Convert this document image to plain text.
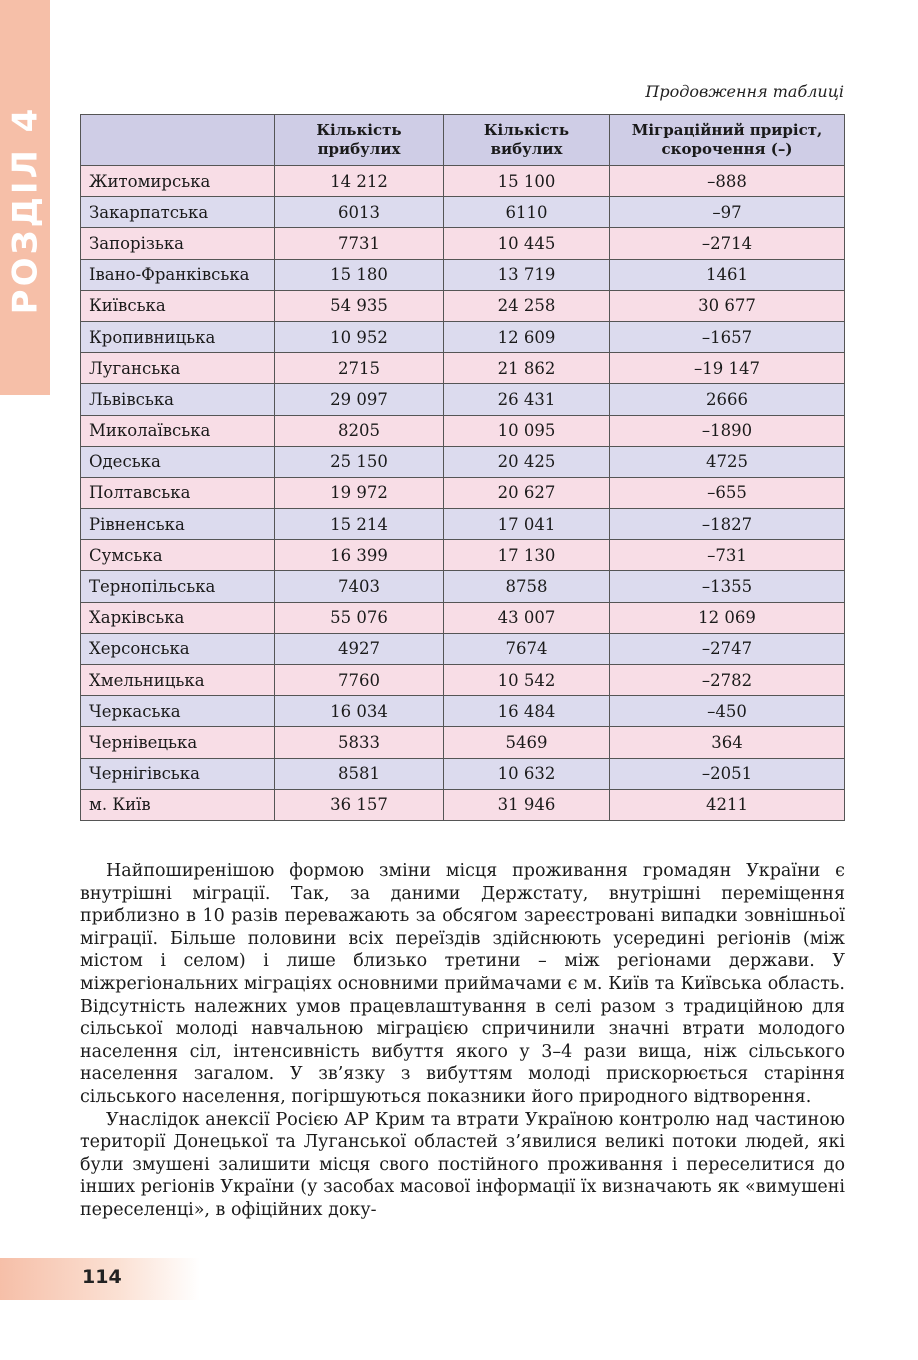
РОЗДІЛ 4
Продовження таблиці
	Кількість прибулих	Кількість вибулих	Міграційний приріст, скорочення (–)
Житомирська	14 212	15 100	–888
Закарпатська	6013	6110	–97
Запорізька	7731	10 445	–2714
Івано-Франківська	15 180	13 719	1461
Київська	54 935	24 258	30 677
Кропивницька	10 952	12 609	–1657
Луганська	2715	21 862	–19 147
Львівська	29 097	26 431	2666
Миколаївська	8205	10 095	–1890
Одеська	25 150	20 425	4725
Полтавська	19 972	20 627	–655
Рівненська	15 214	17 041	–1827
Сумська	16 399	17 130	–731
Тернопільська	7403	8758	–1355
Харківська	55 076	43 007	12 069
Херсонська	4927	7674	–2747
Хмельницька	7760	10 542	–2782
Черкаська	16 034	16 484	–450
Чернівецька	5833	5469	364
Чернігівська	8581	10 632	–2051
м. Київ	36 157	31 946	4211

Найпоширенішою формою зміни місця проживання громадян України є внутрішні міграції. Так, за даними Держстату, внутрішні переміщення приблизно в 10 разів переважають за обсягом зареєстровані випадки зовнішньої міграції. Більше половини всіх переїздів здійснюють усередині регіонів (між містом і селом) і лише близько третини – між регіонами держави. У міжрегіональних міграціях основними приймачами є м. Київ та Київська область. Відсутність належних умов працевлаштування в селі разом з традиційною для сільської молоді навчальною міграцією спричинили значні втрати молодого населення сіл, інтенсивність вибуття якого у 3–4 рази вища, ніж сільського населення загалом. У зв’язку з вибуттям молоді прискорюється старіння сільського населення, погіршуються показники його природного відтворення.

Унаслідок анексії Росією АР Крим та втрати Україною контролю над частиною території Донецької та Луганської областей з’явилися великі потоки людей, які були змушені залишити місця свого постійного проживання і переселитися до інших регіонів України (у засобах масової інформації їх визначають як «вимушені переселенці», в офіційних доку-

114
